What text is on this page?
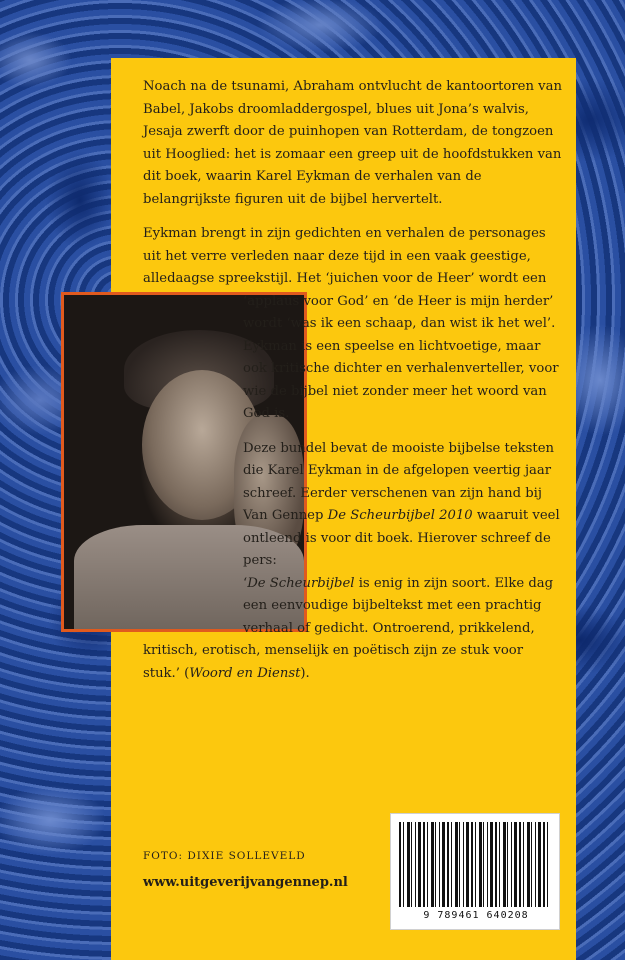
Noach na de tsunami, Abraham ontvlucht de kantoortoren van Babel, Jakobs droomladdergospel, blues uit Jona’s walvis, Jesaja zwerft door de puinhopen van Rotterdam, de tongzoen uit Hooglied: het is zomaar een greep uit de hoofdstukken van dit boek, waarin Karel Eykman de verhalen van de belangrijkste figuren uit de bijbel hervertelt.

Eykman brengt in zijn gedichten en verhalen de personages uit het verre verleden naar deze tijd in een vaak geestige, alledaagse spreekstijl. Het ‘juichen voor de Heer’ wordt een ‘applaus voor God’ en ‘de Heer is mijn herder’ wordt ‘was ik een schaap, dan wist ik het wel’. Eykman is een speelse en lichtvoetige, maar ook kritische dichter en verhalenverteller, voor wie de bijbel niet zonder meer het woord van God is.

Deze bundel bevat de mooiste bijbelse teksten die Karel Eykman in de afgelopen veertig jaar schreef. Eerder verschenen van zijn hand bij Van Gennep De Scheurbijbel 2010 waaruit veel ontleend is voor dit boek. Hierover schreef de pers:
‘De Scheurbijbel is enig in zijn soort. Elke dag een eenvoudige bijbeltekst met een prachtig verhaal of gedicht. Ontroerend, prikkelend, kritisch, erotisch, menselijk en poëtisch zijn ze stuk voor stuk.’ (Woord en Dienst).

FOTO: DIXIE SOLLEVELD
www.uitgeverijvangennep.nl
9 789461 640208
